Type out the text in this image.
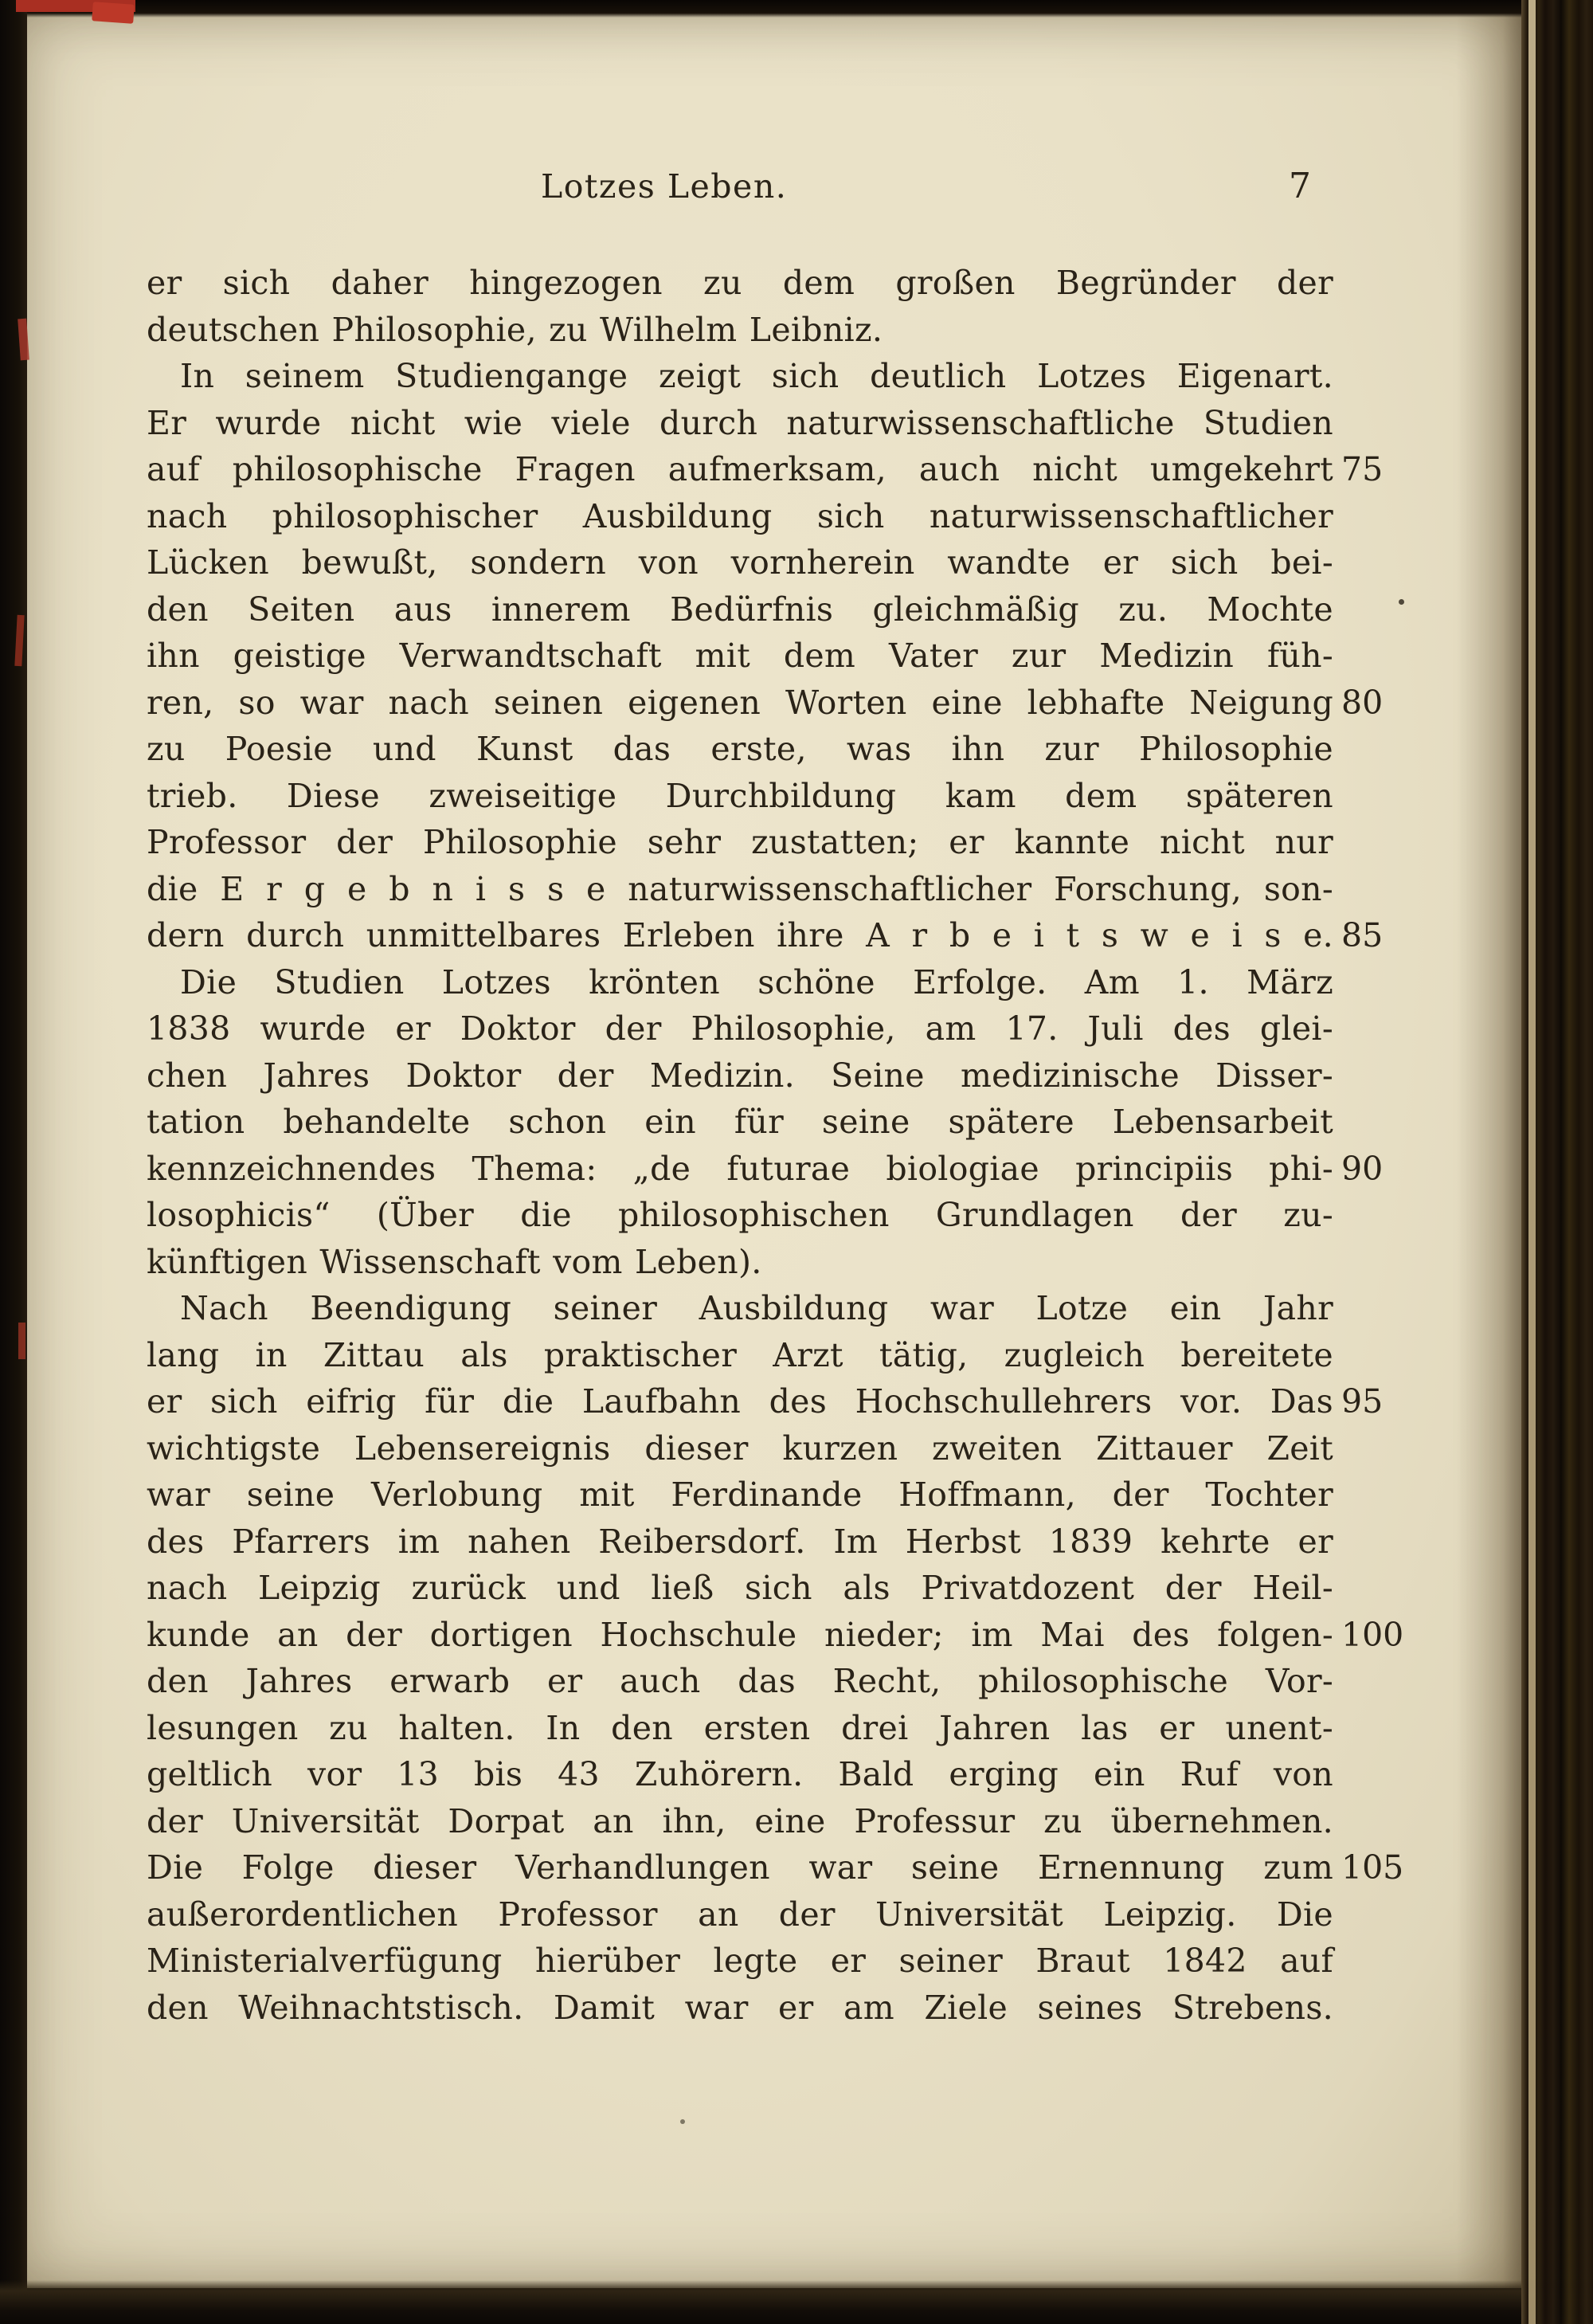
Lotzes Leben.	7
er sich daher hingezogen zu dem großen Begründer der
deutschen Philosophie, zu Wilhelm Leibniz.
In seinem Studiengange zeigt sich deutlich Lotzes Eigenart.
Er wurde nicht wie viele durch naturwissenschaftliche Studien
auf philosophische Fragen aufmerksam, auch nicht umgekehrt 75
nach philosophischer Ausbildung sich naturwissenschaftlicher
Lücken bewußt, sondern von vornherein wandte er sich bei-
den Seiten aus innerem Bedürfnis gleichmäßig zu. Mochte
ihn geistige Verwandtschaft mit dem Vater zur Medizin füh-
ren, so war nach seinen eigenen Worten eine lebhafte Neigung 80
zu Poesie und Kunst das erste, was ihn zur Philosophie
trieb. Diese zweiseitige Durchbildung kam dem späteren
Professor der Philosophie sehr zustatten; er kannte nicht nur
die E r g e b n i s s e naturwissenschaftlicher Forschung, son-
dern durch unmittelbares Erleben ihre A r b e i t s w e i s e. 85
Die Studien Lotzes krönten schöne Erfolge. Am 1. März
1838 wurde er Doktor der Philosophie, am 17. Juli des glei-
chen Jahres Doktor der Medizin. Seine medizinische Disser-
tation behandelte schon ein für seine spätere Lebensarbeit
kennzeichnendes Thema: „de futurae biologiae principiis phi- 90
losophicis“ (Über die philosophischen Grundlagen der zu-
künftigen Wissenschaft vom Leben).
Nach Beendigung seiner Ausbildung war Lotze ein Jahr
lang in Zittau als praktischer Arzt tätig, zugleich bereitete
er sich eifrig für die Laufbahn des Hochschullehrers vor. Das 95
wichtigste Lebensereignis dieser kurzen zweiten Zittauer Zeit
war seine Verlobung mit Ferdinande Hoffmann, der Tochter
des Pfarrers im nahen Reibersdorf. Im Herbst 1839 kehrte er
nach Leipzig zurück und ließ sich als Privatdozent der Heil-
kunde an der dortigen Hochschule nieder; im Mai des folgen- 100
den Jahres erwarb er auch das Recht, philosophische Vor-
lesungen zu halten. In den ersten drei Jahren las er unent-
geltlich vor 13 bis 43 Zuhörern. Bald erging ein Ruf von
der Universität Dorpat an ihn, eine Professur zu übernehmen.
Die Folge dieser Verhandlungen war seine Ernennung zum 105
außerordentlichen Professor an der Universität Leipzig. Die
Ministerialverfügung hierüber legte er seiner Braut 1842 auf
den Weihnachtstisch. Damit war er am Ziele seines Strebens.
